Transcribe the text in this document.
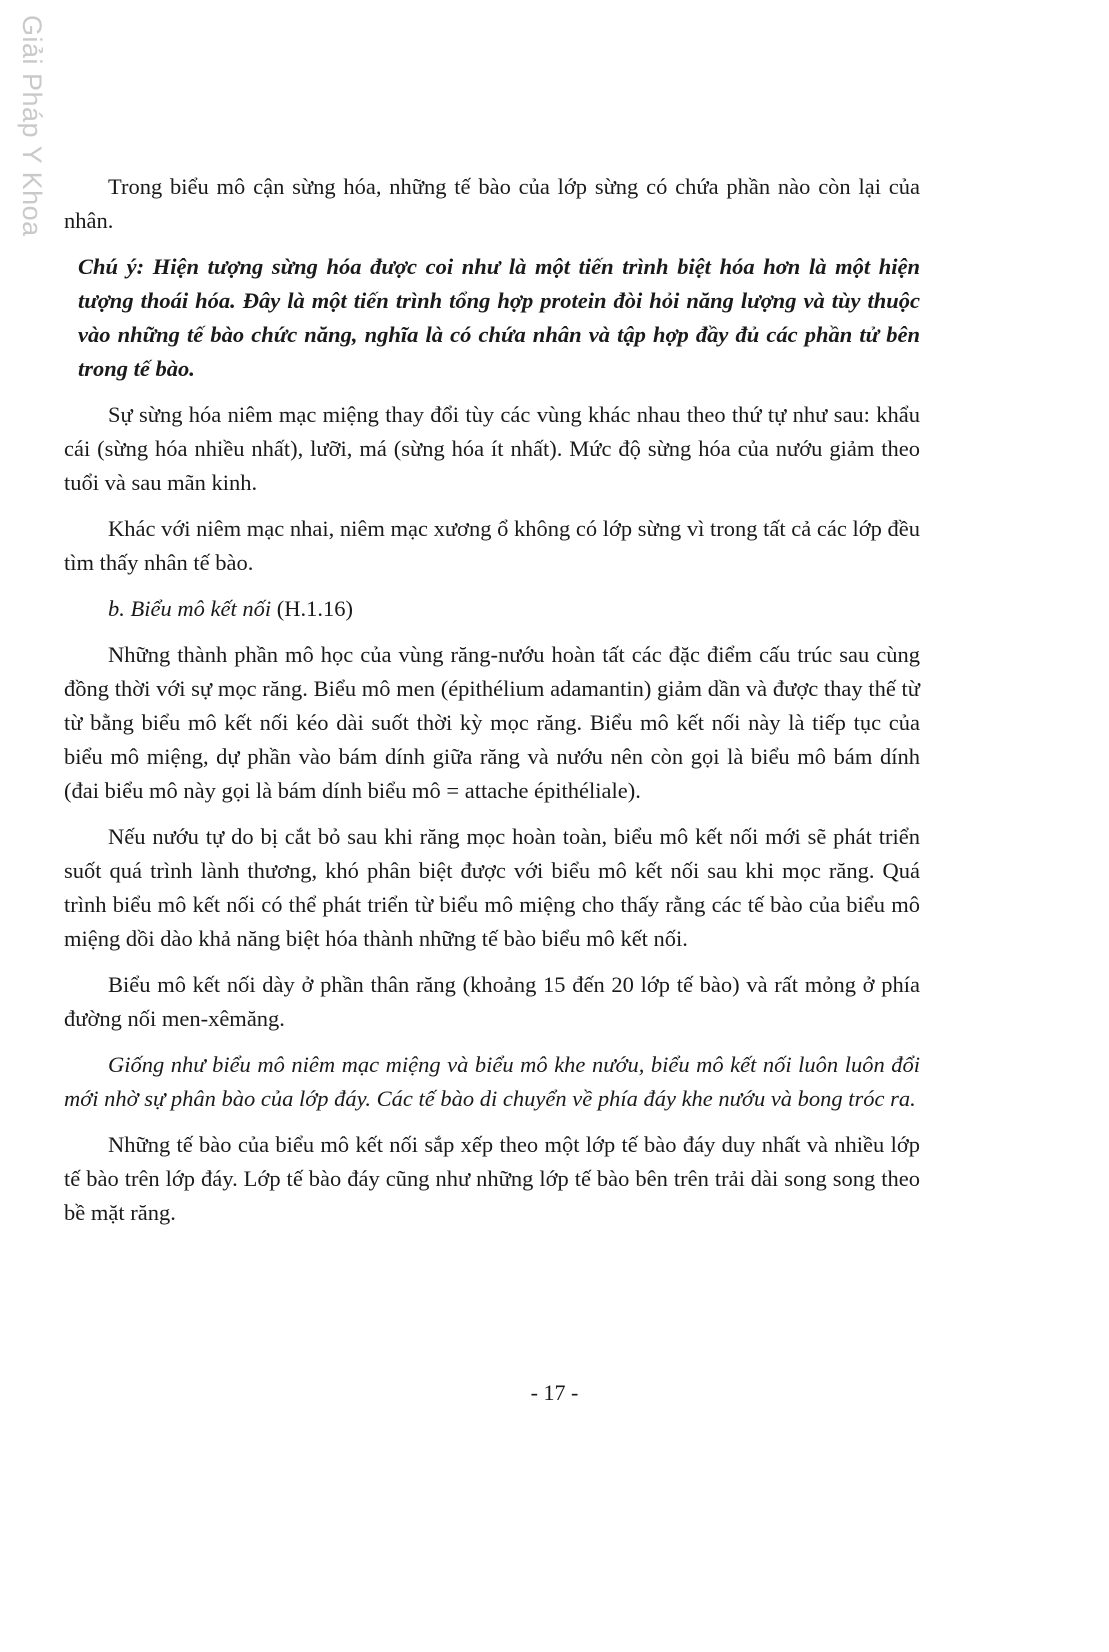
Giải Pháp Y Khoa	Trong biểu mô cận sừng hóa, những tế bào của lớp sừng có chứa phần nào còn lại của nhân.

Chú ý: Hiện tượng sừng hóa được coi như là một tiến trình biệt hóa hơn là một hiện tượng thoái hóa. Đây là một tiến trình tổng hợp protein đòi hỏi năng lượng và tùy thuộc vào những tế bào chức năng, nghĩa là có chứa nhân và tập hợp đầy đủ các phần tử bên trong tế bào.

Sự sừng hóa niêm mạc miệng thay đổi tùy các vùng khác nhau theo thứ tự như sau: khẩu cái (sừng hóa nhiều nhất), lưỡi, má (sừng hóa ít nhất). Mức độ sừng hóa của nướu giảm theo tuổi và sau mãn kinh.

Khác với niêm mạc nhai, niêm mạc xương ổ không có lớp sừng vì trong tất cả các lớp đều tìm thấy nhân tế bào.

b. Biểu mô kết nối (H.1.16)

Những thành phần mô học của vùng răng-nướu hoàn tất các đặc điểm cấu trúc sau cùng đồng thời với sự mọc răng. Biểu mô men (épithélium adamantin) giảm dần và được thay thế từ từ bằng biểu mô kết nối kéo dài suốt thời kỳ mọc răng. Biểu mô kết nối này là tiếp tục của biểu mô miệng, dự phần vào bám dính giữa răng và nướu nên còn gọi là biểu mô bám dính (đai biểu mô này gọi là bám dính biểu mô = attache épithéliale).

Nếu nướu tự do bị cắt bỏ sau khi răng mọc hoàn toàn, biểu mô kết nối mới sẽ phát triển suốt quá trình lành thương, khó phân biệt được với biểu mô kết nối sau khi mọc răng. Quá trình biểu mô kết nối có thể phát triển từ biểu mô miệng cho thấy rằng các tế bào của biểu mô miệng dồi dào khả năng biệt hóa thành những tế bào biểu mô kết nối.

Biểu mô kết nối dày ở phần thân răng (khoảng 15 đến 20 lớp tế bào) và rất mỏng ở phía đường nối men-xêmăng.

Giống như biểu mô niêm mạc miệng và biểu mô khe nướu, biểu mô kết nối luôn luôn đổi mới nhờ sự phân bào của lớp đáy. Các tế bào di chuyển về phía đáy khe nướu và bong tróc ra.

Những tế bào của biểu mô kết nối sắp xếp theo một lớp tế bào đáy duy nhất và nhiều lớp tế bào trên lớp đáy. Lớp tế bào đáy cũng như những lớp tế bào bên trên trải dài song song theo bề mặt răng.

- 17 -
